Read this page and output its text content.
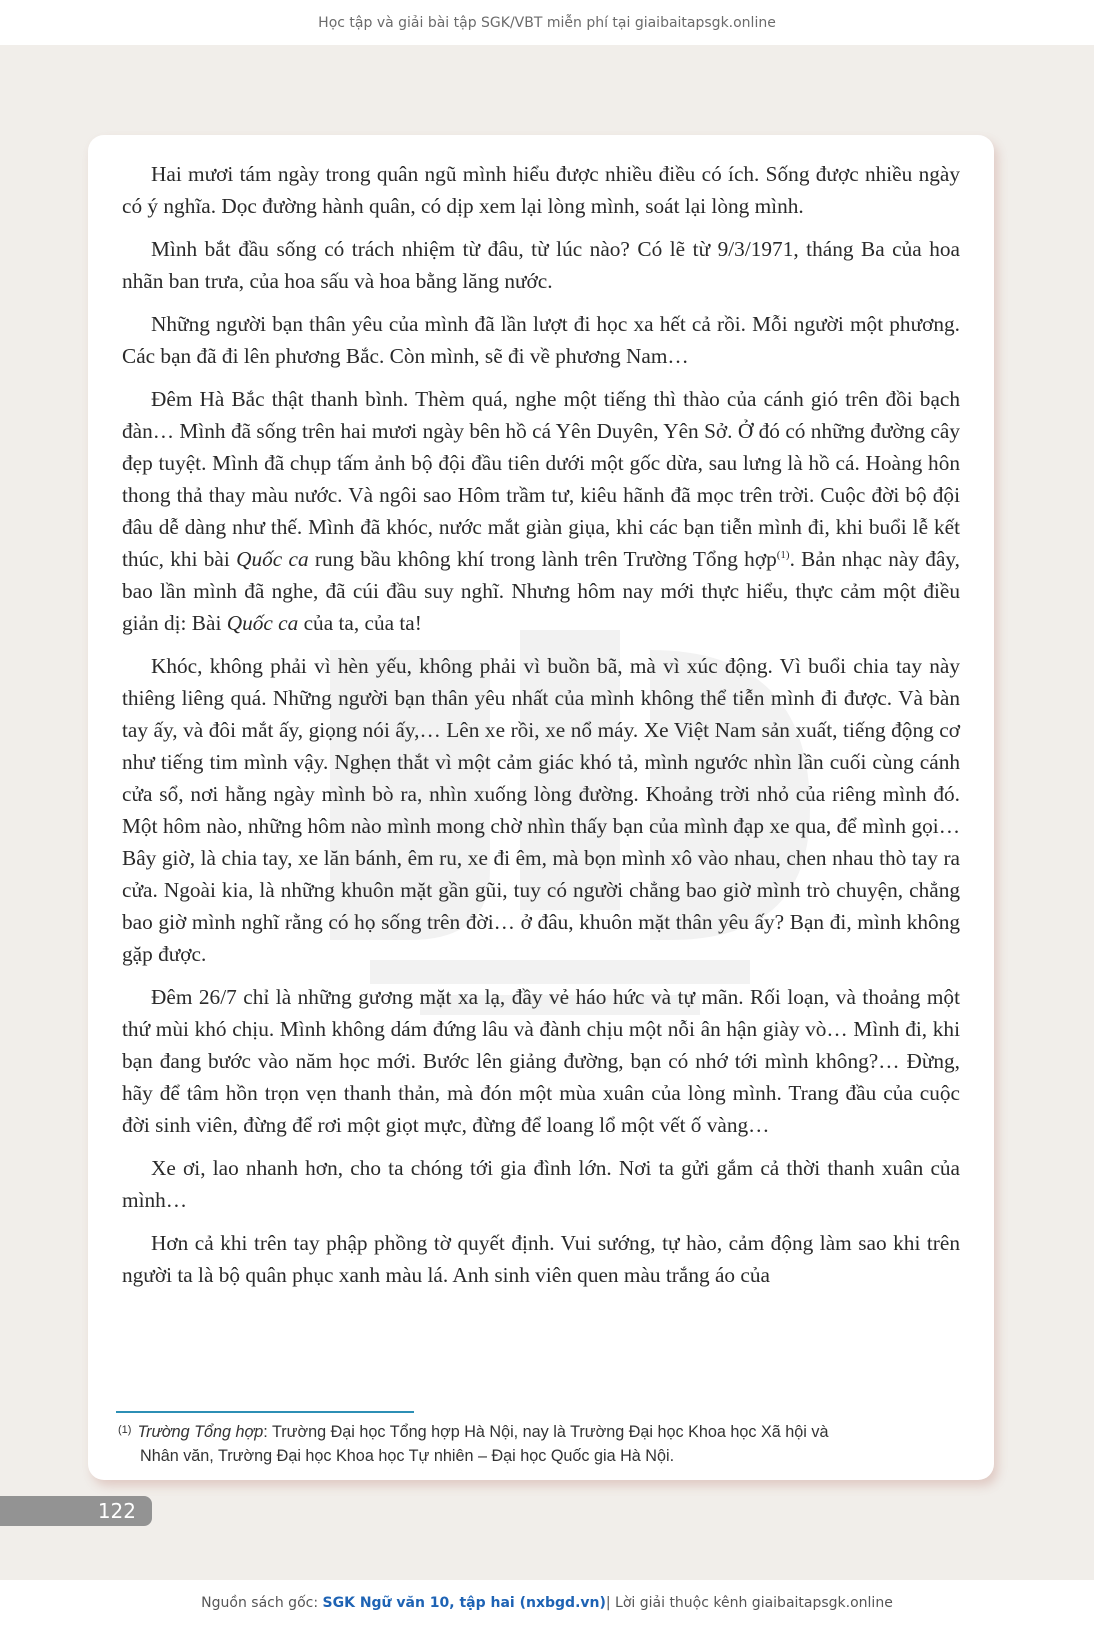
Học tập và giải bài tập SGK/VBT miễn phí tại giaibaitapsgk.online

Hai mươi tám ngày trong quân ngũ mình hiểu được nhiều điều có ích. Sống được nhiều ngày có ý nghĩa. Dọc đường hành quân, có dịp xem lại lòng mình, soát lại lòng mình.

Mình bắt đầu sống có trách nhiệm từ đâu, từ lúc nào? Có lẽ từ 9/3/1971, tháng Ba của hoa nhãn ban trưa, của hoa sấu và hoa bằng lăng nước.

Những người bạn thân yêu của mình đã lần lượt đi học xa hết cả rồi. Mỗi người một phương. Các bạn đã đi lên phương Bắc. Còn mình, sẽ đi về phương Nam…

Đêm Hà Bắc thật thanh bình. Thèm quá, nghe một tiếng thì thào của cánh gió trên đồi bạch đàn… Mình đã sống trên hai mươi ngày bên hồ cá Yên Duyên, Yên Sở. Ở đó có những đường cây đẹp tuyệt. Mình đã chụp tấm ảnh bộ đội đầu tiên dưới một gốc dừa, sau lưng là hồ cá. Hoàng hôn thong thả thay màu nước. Và ngôi sao Hôm trầm tư, kiêu hãnh đã mọc trên trời. Cuộc đời bộ đội đâu dễ dàng như thế. Mình đã khóc, nước mắt giàn giụa, khi các bạn tiễn mình đi, khi buổi lễ kết thúc, khi bài Quốc ca rung bầu không khí trong lành trên Trường Tổng hợp$^{(1)}$. Bản nhạc này đây, bao lần mình đã nghe, đã cúi đầu suy nghĩ. Nhưng hôm nay mới thực hiểu, thực cảm một điều giản dị: Bài Quốc ca của ta, của ta!

Khóc, không phải vì hèn yếu, không phải vì buồn bã, mà vì xúc động. Vì buổi chia tay này thiêng liêng quá. Những người bạn thân yêu nhất của mình không thể tiễn mình đi được. Và bàn tay ấy, và đôi mắt ấy, giọng nói ấy,… Lên xe rồi, xe nổ máy. Xe Việt Nam sản xuất, tiếng động cơ như tiếng tim mình vậy. Nghẹn thắt vì một cảm giác khó tả, mình ngước nhìn lần cuối cùng cánh cửa sổ, nơi hằng ngày mình bò ra, nhìn xuống lòng đường. Khoảng trời nhỏ của riêng mình đó. Một hôm nào, những hôm nào mình mong chờ nhìn thấy bạn của mình đạp xe qua, để mình gọi… Bây giờ, là chia tay, xe lăn bánh, êm ru, xe đi êm, mà bọn mình xô vào nhau, chen nhau thò tay ra cửa. Ngoài kia, là những khuôn mặt gần gũi, tuy có người chẳng bao giờ mình trò chuyện, chẳng bao giờ mình nghĩ rằng có họ sống trên đời… ở đâu, khuôn mặt thân yêu ấy? Bạn đi, mình không gặp được.

Đêm 26/7 chỉ là những gương mặt xa lạ, đầy vẻ háo hức và tự mãn. Rối loạn, và thoảng một thứ mùi khó chịu. Mình không dám đứng lâu và đành chịu một nỗi ân hận giày vò… Mình đi, khi bạn đang bước vào năm học mới. Bước lên giảng đường, bạn có nhớ tới mình không?… Đừng, hãy để tâm hồn trọn vẹn thanh thản, mà đón một mùa xuân của lòng mình. Trang đầu của cuộc đời sinh viên, đừng để rơi một giọt mực, đừng để loang lổ một vết ố vàng…

Xe ơi, lao nhanh hơn, cho ta chóng tới gia đình lớn. Nơi ta gửi gắm cả thời thanh xuân của mình…

Hơn cả khi trên tay phập phồng tờ quyết định. Vui sướng, tự hào, cảm động làm sao khi trên người ta là bộ quân phục xanh màu lá. Anh sinh viên quen màu trắng áo của

$^{(1)}$ Trường Tổng hợp: Trường Đại học Tổng hợp Hà Nội, nay là Trường Đại học Khoa học Xã hội và
Nhân văn, Trường Đại học Khoa học Tự nhiên – Đại học Quốc gia Hà Nội.
122
Nguồn sách gốc:
SGK Ngữ văn 10, tập hai (nxbgd.vn) | Lời giải thuộc kênh giaibaitapsgk.online
